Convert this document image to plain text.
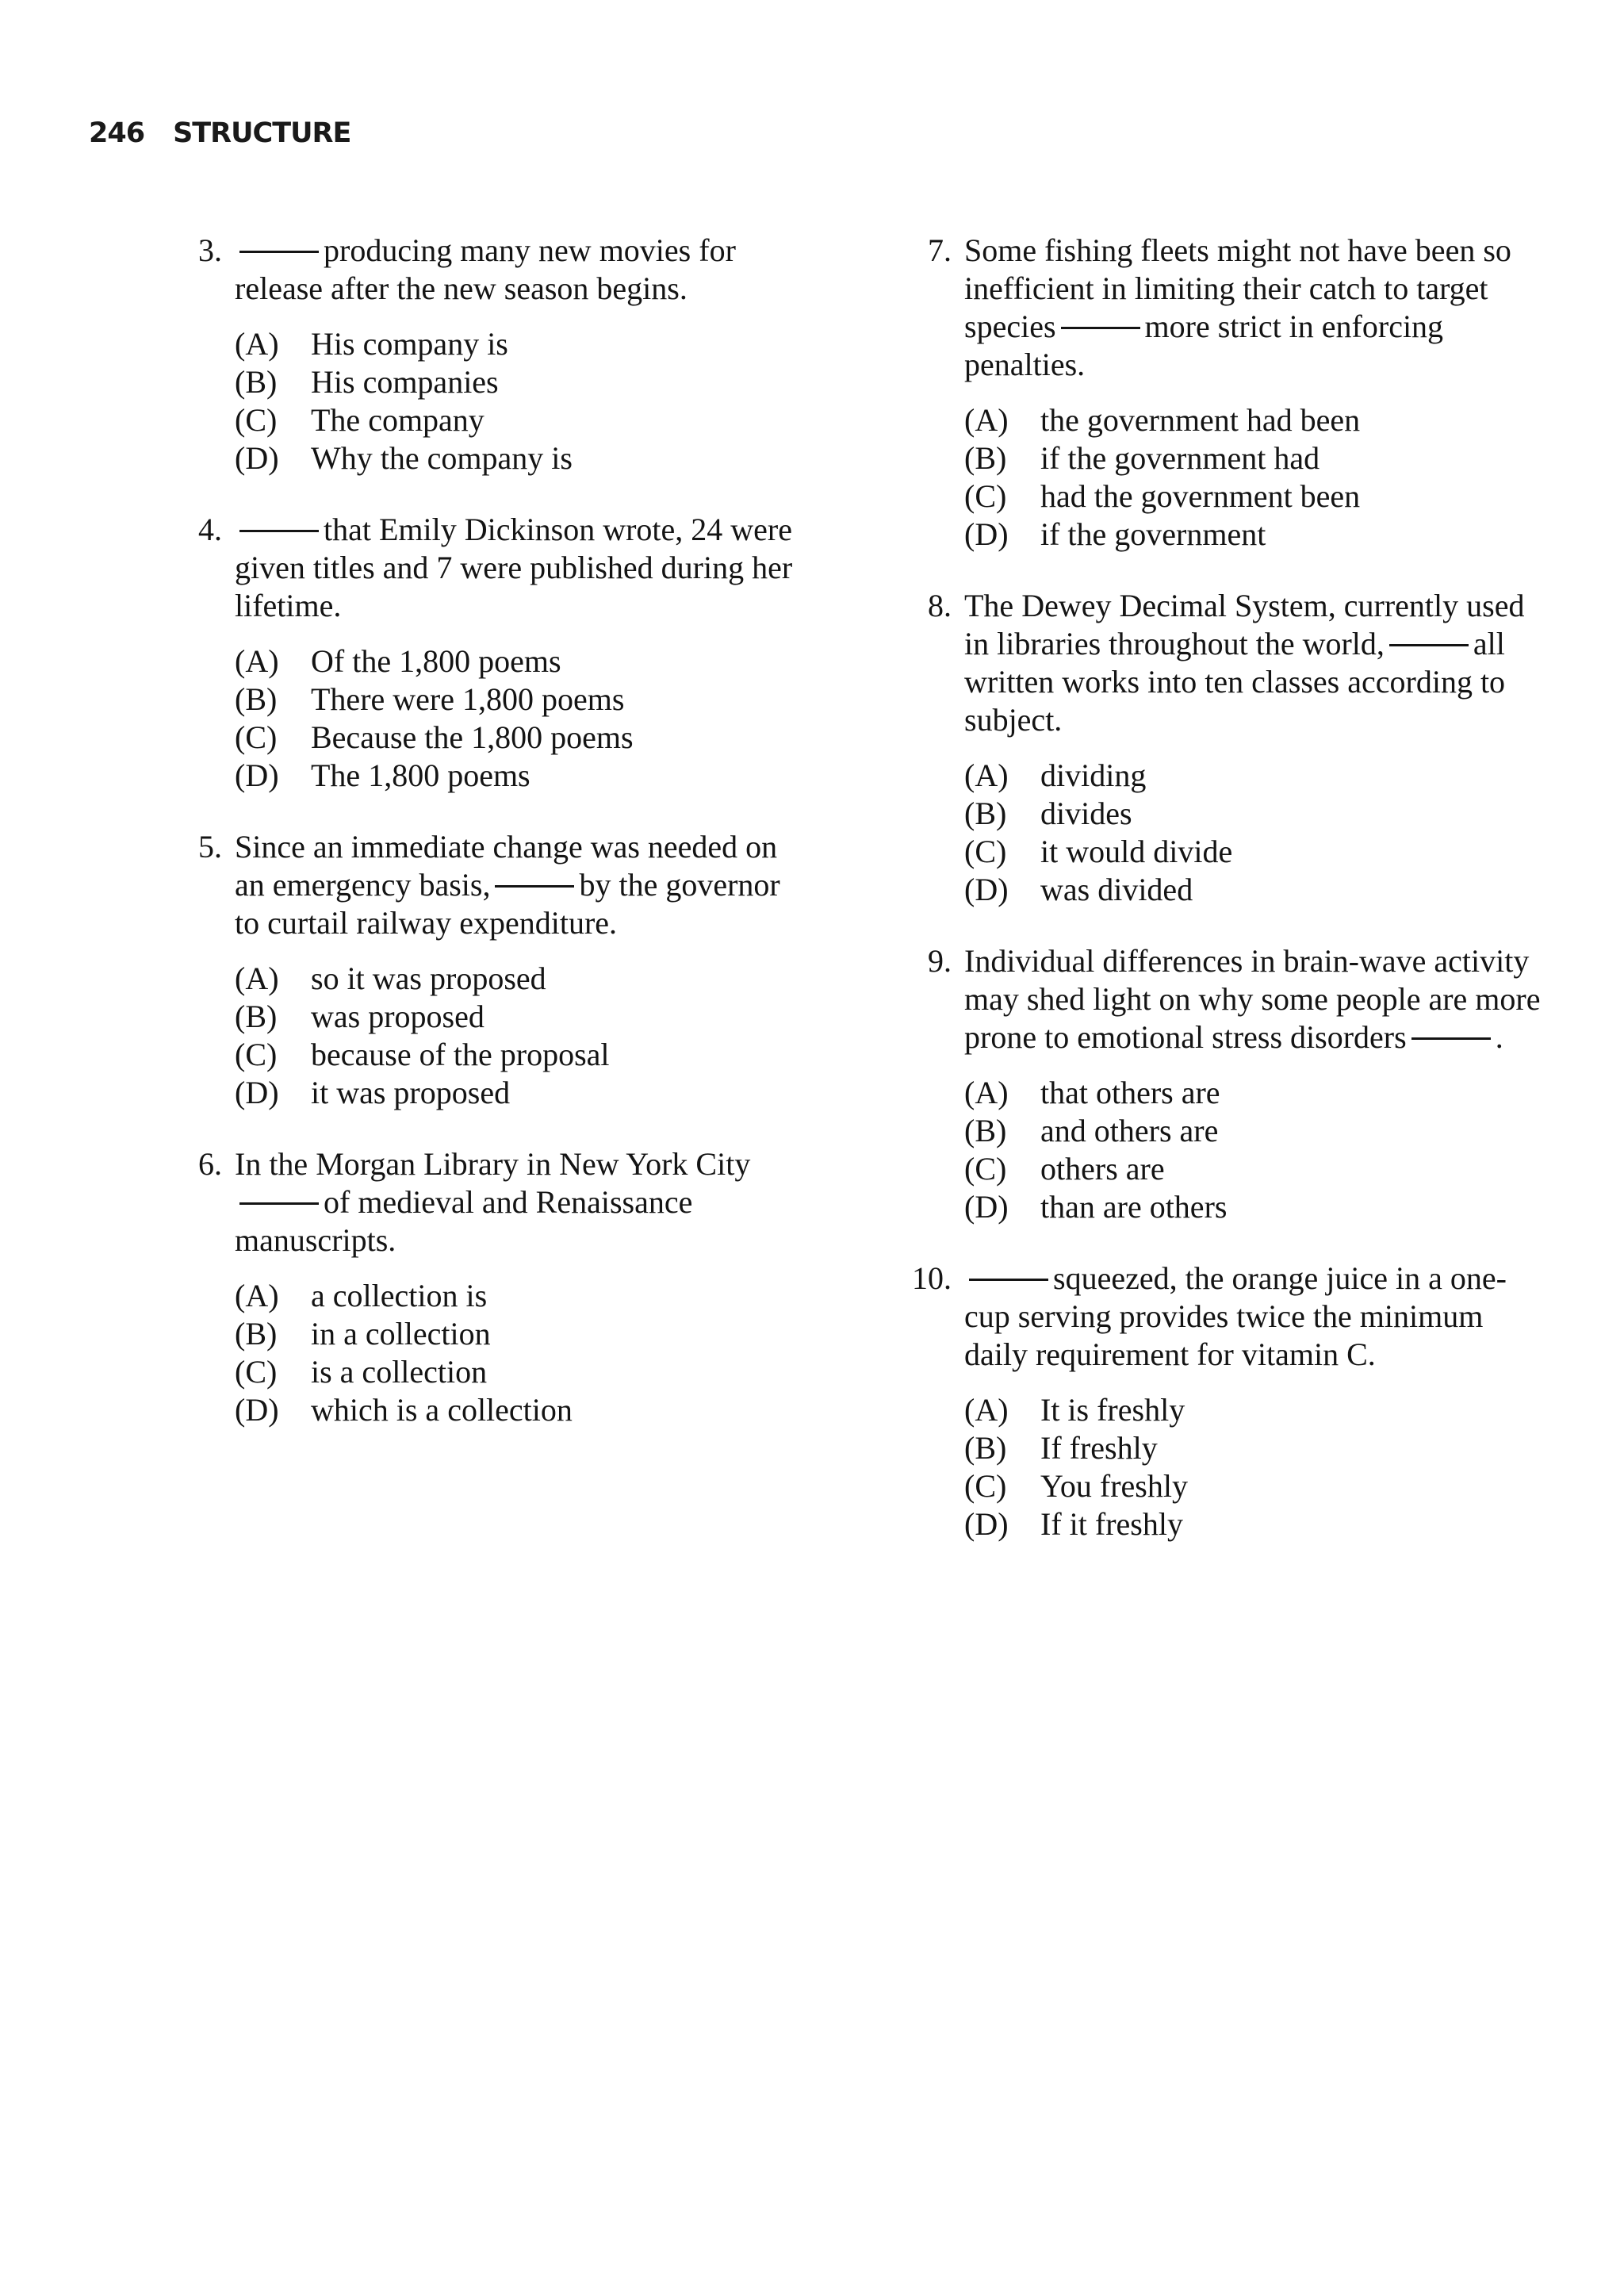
246 STRUCTURE
3.	producing many new movies for release after the new season begins.
(A)	His company is
(B)	His companies
(C)	The company
(D)	Why the company is
4.	that Emily Dickinson wrote, 24 were given titles and 7 were published during her lifetime.
(A)	Of the 1,800 poems
(B)	There were 1,800 poems
(C)	Because the 1,800 poems
(D)	The 1,800 poems
5. Since an immediate change was needed on an emergency basis,	by the governor to curtail railway expenditure.
(A)	so it was proposed
(B)	was proposed
(C)	because of the proposal
(D)	it was proposed
6. In the Morgan Library in New York Cityof medieval and Renaissance manuscripts.
(A)	a collection is
(B)	in a collection
(C)	is a collection
(D)	which is a collection
7. Some fishing fleets might not have been so inefficient in limiting their catch to target species	more strict in enforcing penalties.
(A)	the government had been
(B)	if the government had
(C)	had the government been
(D)	if the government
8. The Dewey Decimal System, currently used in libraries throughout the world,	all written works into ten classes according to subject.
(A)	dividing
(B)	divides
(C)	it would divide
(D)	was divided
9. Individual differences in brain-wave activity may shed light on why some people are more prone to emotional stress disorders	.
(A)	that others are
(B)	and others are
(C)	others are
(D)	than are others
10.	squeezed, the orange juice in a one-cup serving provides twice the minimum daily requirement for vitamin C.
(A)	It is freshly
(B)	If freshly
(C)	You freshly
(D)	If it freshly
